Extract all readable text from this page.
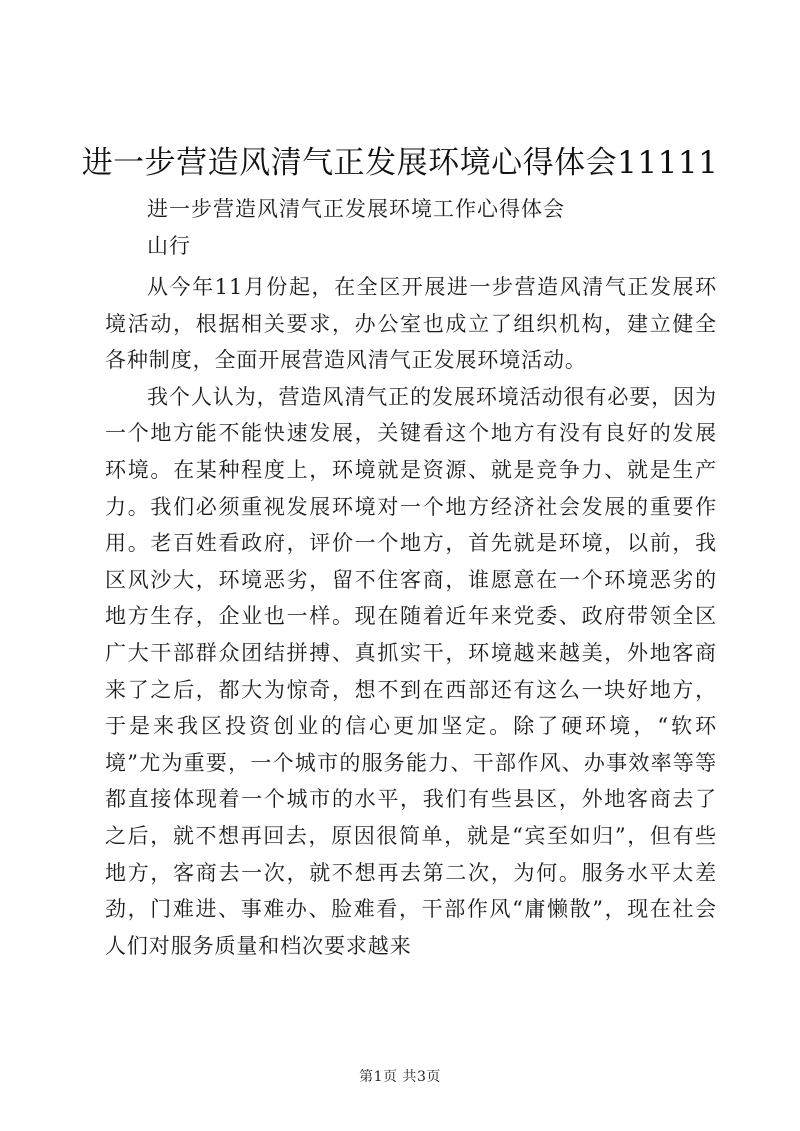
进一步营造风清气正发展环境心得体会11111

进一步营造风清气正发展环境工作心得体会

山行

从今年11月份起，在全区开展进一步营造风清气正发展环境活动，根据相关要求，办公室也成立了组织机构，建立健全各种制度，全面开展营造风清气正发展环境活动。

我个人认为，营造风清气正的发展环境活动很有必要，因为一个地方能不能快速发展，关键看这个地方有没有良好的发展环境。在某种程度上，环境就是资源、就是竞争力、就是生产力。我们必须重视发展环境对一个地方经济社会发展的重要作用。老百姓看政府，评价一个地方，首先就是环境，以前，我区风沙大，环境恶劣，留不住客商，谁愿意在一个环境恶劣的地方生存，企业也一样。现在随着近年来党委、政府带领全区广大干部群众团结拼搏、真抓实干，环境越来越美，外地客商来了之后，都大为惊奇，想不到在西部还有这么一块好地方，于是来我区投资创业的信心更加坚定。除了硬环境，“软环境”尤为重要，一个城市的服务能力、干部作风、办事效率等等都直接体现着一个城市的水平，我们有些县区，外地客商去了之后，就不想再回去，原因很简单，就是“宾至如归”，但有些地方，客商去一次，就不想再去第二次，为何。服务水平太差劲，门难进、事难办、脸难看，干部作风“庸懒散”，现在社会人们对服务质量和档次要求越来

第1页 共3页
